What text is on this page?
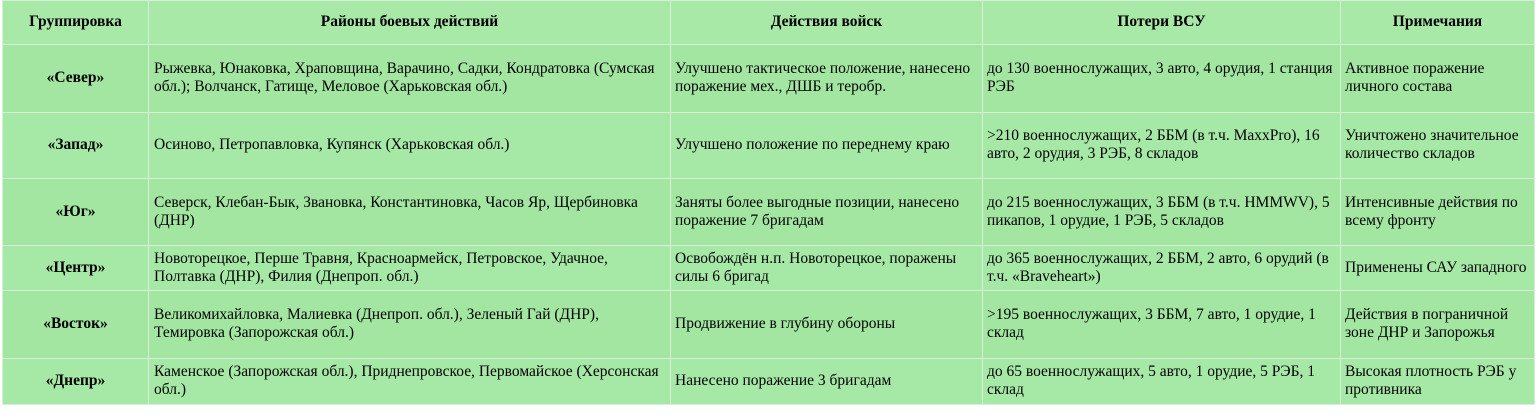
Группировка	Районы боевых действий	Действия войск	Потери ВСУ	Примечания
«Север»	Рыжевка, Юнаковка, Храповщина, Варачино, Садки, Кондратовка (Сумская обл.); Волчанск, Гатище, Меловое (Харьковская обл.)	Улучшено тактическое положение, нанесено поражение мех., ДШБ и теробр.	до 130 военнослужащих, 3 авто, 4 орудия, 1 станция РЭБ	Активное поражение личного состава
«Запад»	Осиново, Петропавловка, Купянск (Харьковская обл.)	Улучшено положение по переднему краю	>210 военнослужащих, 2 ББМ (в т.ч. MaxxPro), 16 авто, 2 орудия, 3 РЭБ, 8 складов	Уничтожено значительное количество складов
«Юг»	Северск, Клебан-Бык, Звановка, Константиновка, Часов Яр, Щербиновка (ДНР)	Заняты более выгодные позиции, нанесено поражение 7 бригадам	до 215 военнослужащих, 3 ББМ (в т.ч. HMMWV), 5 пикапов, 1 орудие, 1 РЭБ, 5 складов	Интенсивные действия по всему фронту
«Центр»	Новоторецкое, Перше Травня, Красноармейск, Петровское, Удачное, Полтавка (ДНР), Филия (Днепроп. обл.)	Освобождён н.п. Новоторецкое, поражены силы 6 бригад	до 365 военнослужащих, 2 ББМ, 2 авто, 6 орудий (в т.ч. «Braveheart»)	Применены САУ западного
«Восток»	Великомихайловка, Малиевка (Днепроп. обл.), Зеленый Гай (ДНР), Темировка (Запорожская обл.)	Продвижение в глубину обороны	>195 военнослужащих, 3 ББМ, 7 авто, 1 орудие, 1 склад	Действия в пограничной зоне ДНР и Запорожья
«Днепр»	Каменское (Запорожская обл.), Приднепровское, Первомайское (Херсонская обл.)	Нанесено поражение 3 бригадам	до 65 военнослужащих, 5 авто, 1 орудие, 5 РЭБ, 1 склад	Высокая плотность РЭБ у противника
